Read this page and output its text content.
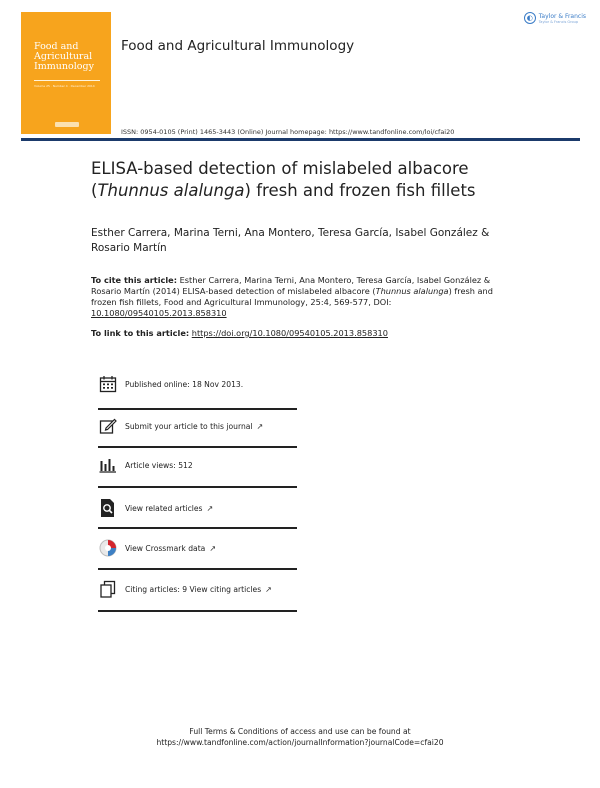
Food and
Agricultural
Immunology
Volume 25 · Number 4 · December 2014
Food and Agricultural Immunology
◐ Taylor & Francis
Taylor & Francis Group
ISSN: 0954-0105 (Print) 1465-3443 (Online) Journal homepage: https://www.tandfonline.com/loi/cfai20
ELISA-based detection of mislabeled albacore
(Thunnus alalunga) fresh and frozen fish fillets
Esther Carrera, Marina Terni, Ana Montero, Teresa García, Isabel González & Rosario Martín
To cite this article: Esther Carrera, Marina Terni, Ana Montero, Teresa García, Isabel González & Rosario Martín (2014) ELISA-based detection of mislabeled albacore (Thunnus alalunga) fresh and frozen fish fillets, Food and Agricultural Immunology, 25:4, 569-577, DOI: 10.1080/09540105.2013.858310
To link to this article: https://doi.org/10.1080/09540105.2013.858310
Published online: 18 Nov 2013.
Submit your article to this journal ↗
Article views: 512
View related articles ↗
View Crossmark data ↗
Citing articles: 9 View citing articles ↗
Full Terms & Conditions of access and use can be found at
https://www.tandfonline.com/action/journalInformation?journalCode=cfai20
